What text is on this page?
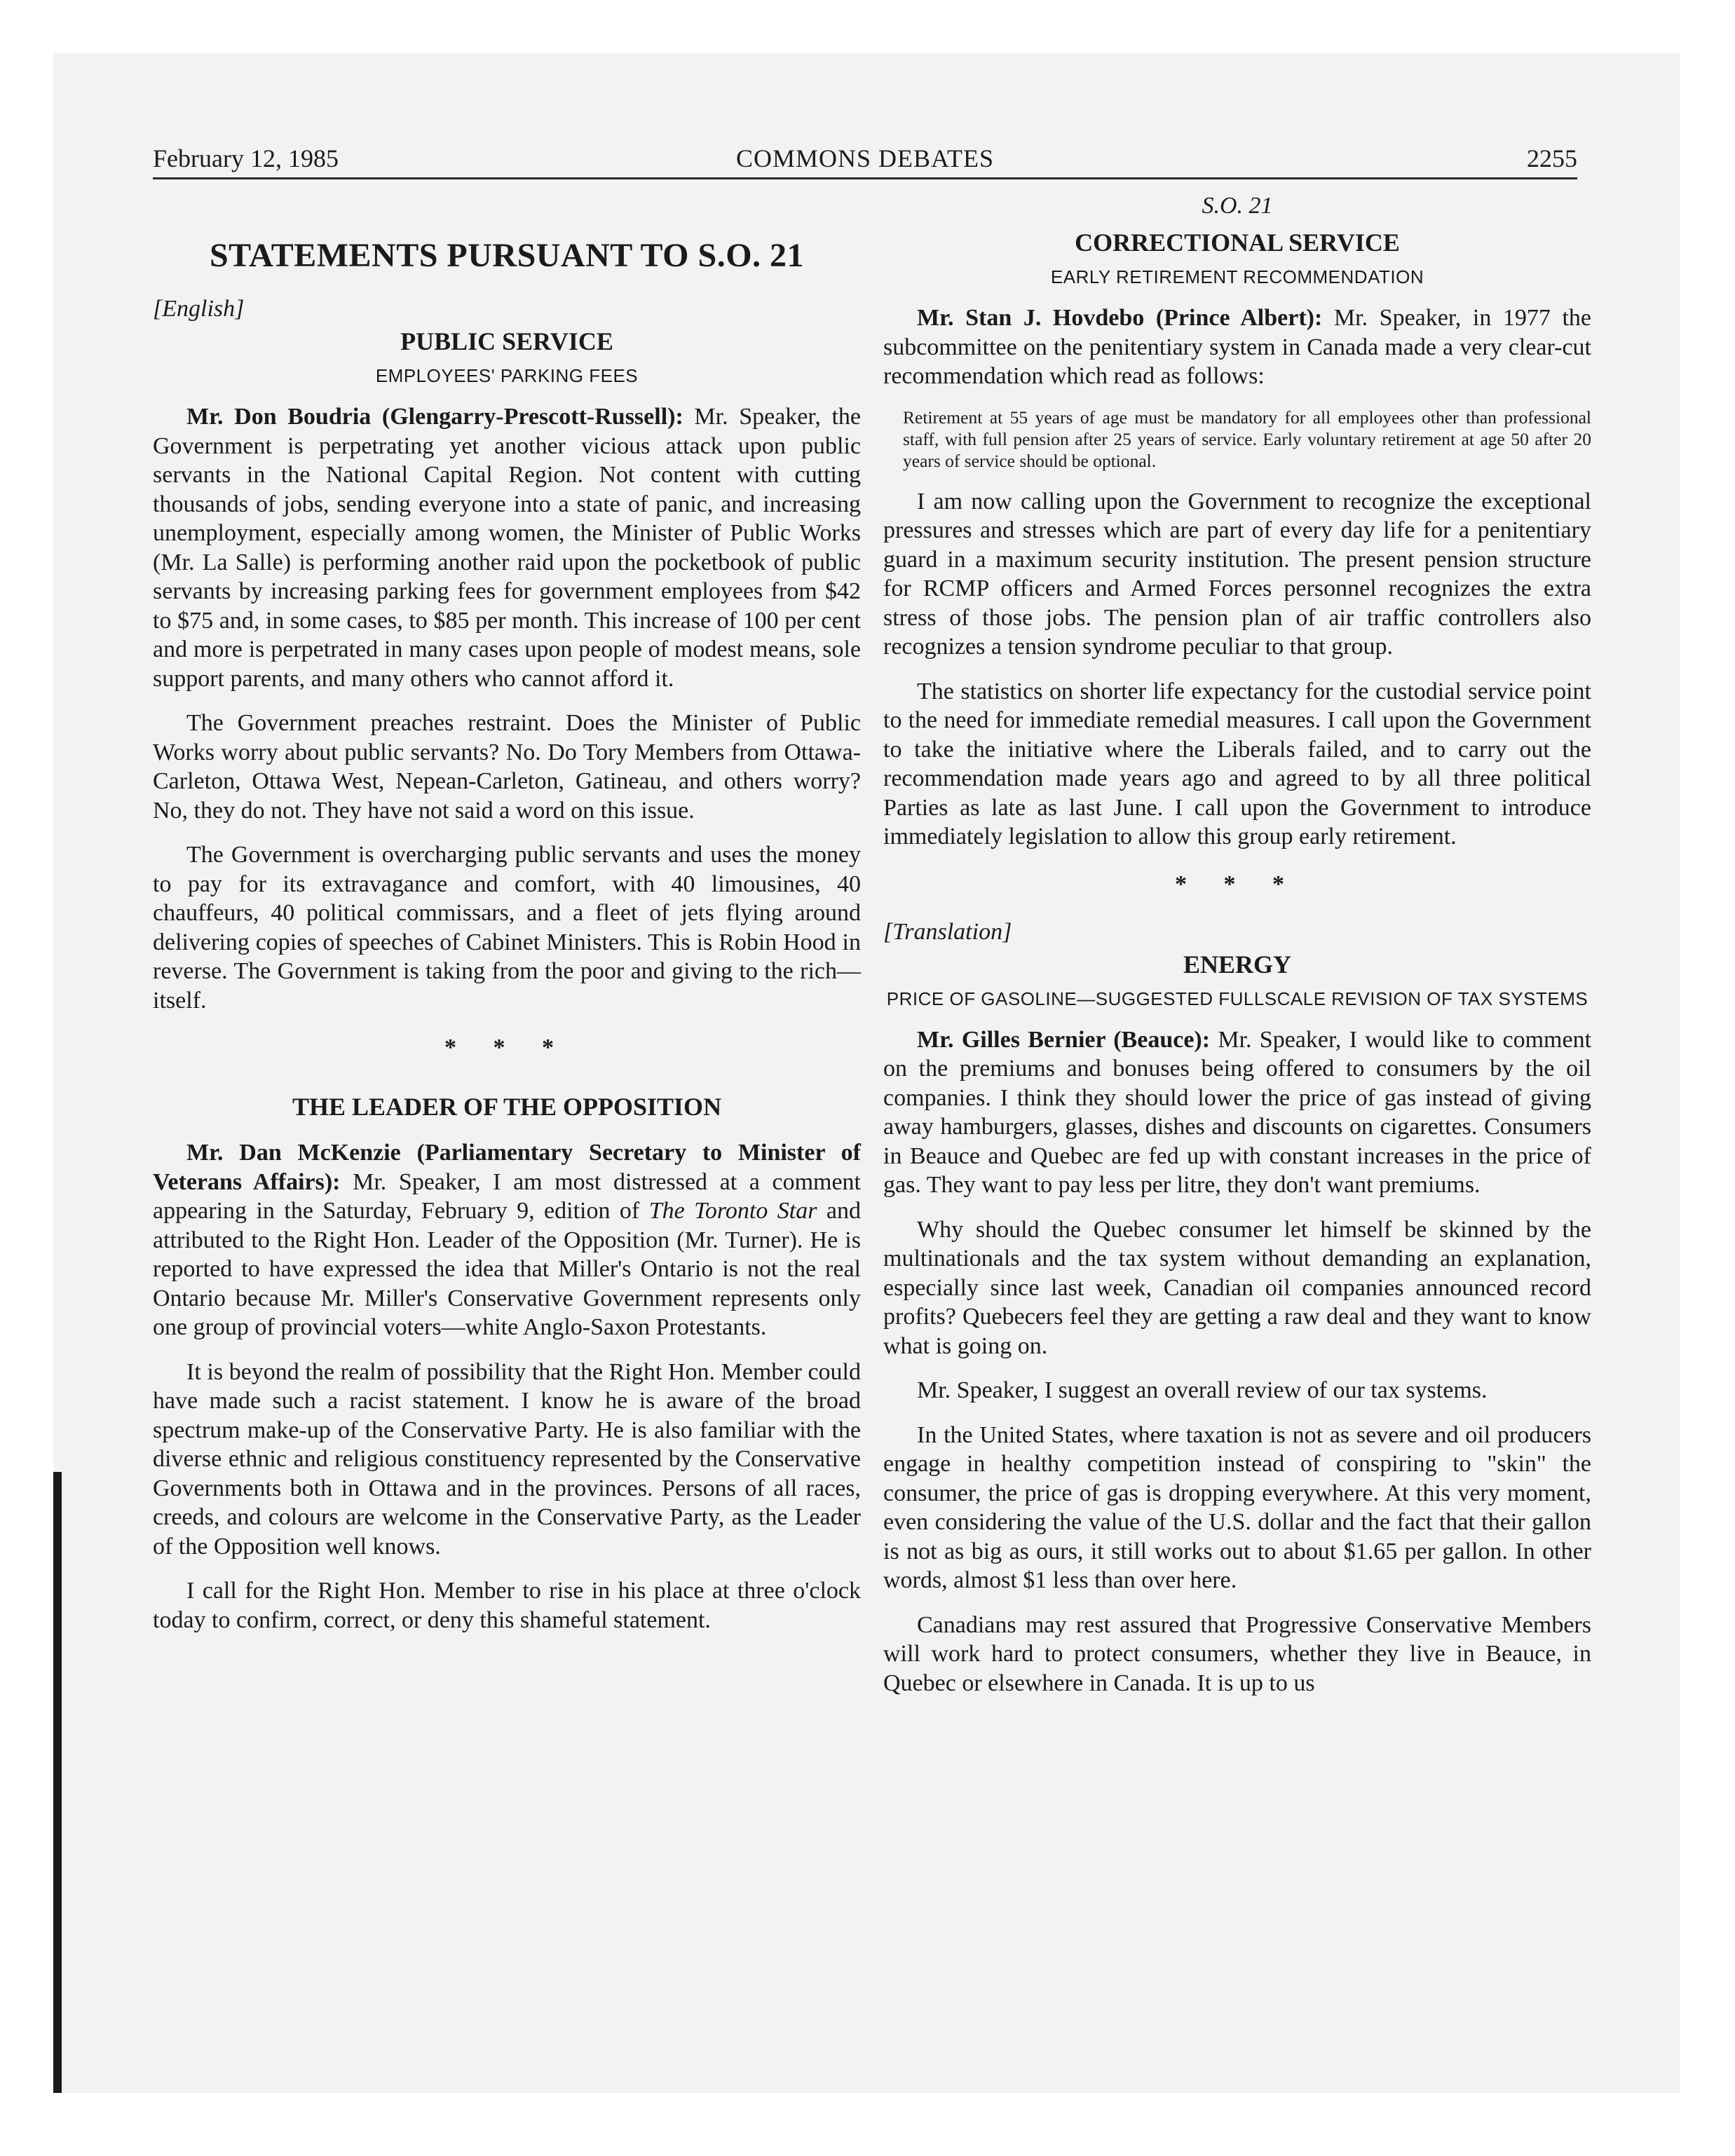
February 12, 1985	COMMONS DEBATES	2255
STATEMENTS PURSUANT TO S.O. 21
[English]
PUBLIC SERVICE
EMPLOYEES' PARKING FEES

Mr. Don Boudria (Glengarry-Prescott-Russell): Mr. Speaker, the Government is perpetrating yet another vicious attack upon public servants in the National Capital Region. Not content with cutting thousands of jobs, sending everyone into a state of panic, and increasing unemployment, especially among women, the Minister of Public Works (Mr. La Salle) is performing another raid upon the pocketbook of public servants by increasing parking fees for government employees from $42 to $75 and, in some cases, to $85 per month. This increase of 100 per cent and more is perpetrated in many cases upon people of modest means, sole support parents, and many others who cannot afford it.

The Government preaches restraint. Does the Minister of Public Works worry about public servants? No. Do Tory Members from Ottawa-Carleton, Ottawa West, Nepean-Carleton, Gatineau, and others worry? No, they do not. They have not said a word on this issue.

The Government is overcharging public servants and uses the money to pay for its extravagance and comfort, with 40 limousines, 40 chauffeurs, 40 political commissars, and a fleet of jets flying around delivering copies of speeches of Cabinet Ministers. This is Robin Hood in reverse. The Government is taking from the poor and giving to the rich—itself.

* * *
THE LEADER OF THE OPPOSITION

Mr. Dan McKenzie (Parliamentary Secretary to Minister of Veterans Affairs): Mr. Speaker, I am most distressed at a comment appearing in the Saturday, February 9, edition of The Toronto Star and attributed to the Right Hon. Leader of the Opposition (Mr. Turner). He is reported to have expressed the idea that Miller's Ontario is not the real Ontario because Mr. Miller's Conservative Government represents only one group of provincial voters—white Anglo-Saxon Protestants.

It is beyond the realm of possibility that the Right Hon. Member could have made such a racist statement. I know he is aware of the broad spectrum make-up of the Conservative Party. He is also familiar with the diverse ethnic and religious constituency represented by the Conservative Governments both in Ottawa and in the provinces. Persons of all races, creeds, and colours are welcome in the Conservative Party, as the Leader of the Opposition well knows.

I call for the Right Hon. Member to rise in his place at three o'clock today to confirm, correct, or deny this shameful statement.

S.O. 21
CORRECTIONAL SERVICE
EARLY RETIREMENT RECOMMENDATION

Mr. Stan J. Hovdebo (Prince Albert): Mr. Speaker, in 1977 the subcommittee on the penitentiary system in Canada made a very clear-cut recommendation which read as follows:

Retirement at 55 years of age must be mandatory for all employees other than professional staff, with full pension after 25 years of service. Early voluntary retirement at age 50 after 20 years of service should be optional.

I am now calling upon the Government to recognize the exceptional pressures and stresses which are part of every day life for a penitentiary guard in a maximum security institution. The present pension structure for RCMP officers and Armed Forces personnel recognizes the extra stress of those jobs. The pension plan of air traffic controllers also recognizes a tension syndrome peculiar to that group.

The statistics on shorter life expectancy for the custodial service point to the need for immediate remedial measures. I call upon the Government to take the initiative where the Liberals failed, and to carry out the recommendation made years ago and agreed to by all three political Parties as late as last June. I call upon the Government to introduce immediately legislation to allow this group early retirement.

* * *
[Translation]
ENERGY
PRICE OF GASOLINE—SUGGESTED FULLSCALE REVISION OF TAX SYSTEMS

Mr. Gilles Bernier (Beauce): Mr. Speaker, I would like to comment on the premiums and bonuses being offered to consumers by the oil companies. I think they should lower the price of gas instead of giving away hamburgers, glasses, dishes and discounts on cigarettes. Consumers in Beauce and Quebec are fed up with constant increases in the price of gas. They want to pay less per litre, they don't want premiums.

Why should the Quebec consumer let himself be skinned by the multinationals and the tax system without demanding an explanation, especially since last week, Canadian oil companies announced record profits? Quebecers feel they are getting a raw deal and they want to know what is going on.

Mr. Speaker, I suggest an overall review of our tax systems.

In the United States, where taxation is not as severe and oil producers engage in healthy competition instead of conspiring to "skin" the consumer, the price of gas is dropping everywhere. At this very moment, even considering the value of the U.S. dollar and the fact that their gallon is not as big as ours, it still works out to about $1.65 per gallon. In other words, almost $1 less than over here.

Canadians may rest assured that Progressive Conservative Members will work hard to protect consumers, whether they live in Beauce, in Quebec or elsewhere in Canada. It is up to us
